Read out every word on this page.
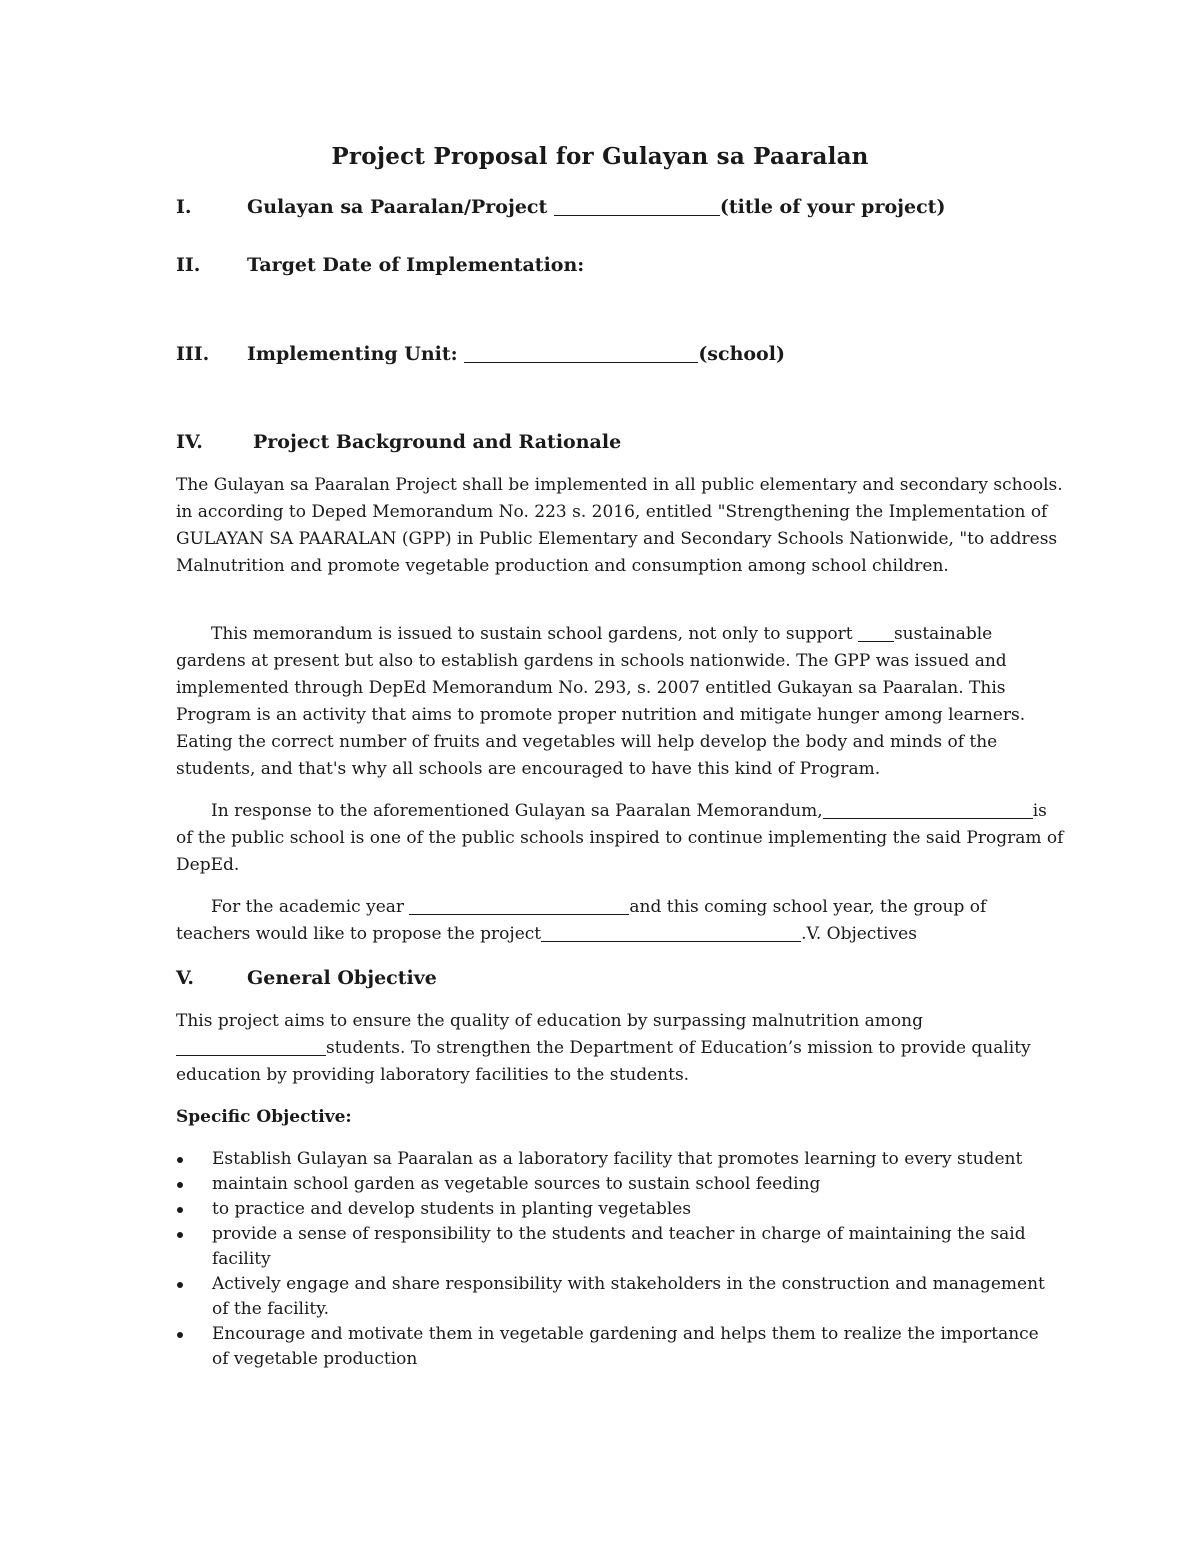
Project Proposal for Gulayan sa Paaralan
I.	Gulayan sa Paaralan/Project	(title of your project)
II. Target Date of Implementation:
III. Implementing Unit:	(school)
IV.	Project Background and Rationale

The Gulayan sa Paaralan Project shall be implemented in all public elementary and secondary schools. in according to Deped Memorandum No. 223 s. 2016, entitled "Strengthening the Implementation of GULAYAN SA PAARALAN (GPP) in Public Elementary and Secondary Schools Nationwide, "to address Malnutrition and promote vegetable production and consumption among school children.

This memorandum is issued to sustain school gardens, not only to support sustainable gardens at present but also to establish gardens in schools nationwide. The GPP was issued and implemented through DepEd Memorandum No. 293, s. 2007 entitled Gukayan sa Paaralan. This Program is an activity that aims to promote proper nutrition and mitigate hunger among learners. Eating the correct number of fruits and vegetables will help develop the body and minds of the students, and that's why all schools are encouraged to have this kind of Program.

In response to the aforementioned Gulayan sa Paaralan Memorandum,	is of the public school is one of the public schools inspired to continue implementing the said Program of DepEd.

For the academic year	and this coming school year, the group of teachers would like to propose the project	.V. Objectives

V.	General Objective

This project aims to ensure the quality of education by surpassing malnutrition among students. To strengthen the Department of Education’s mission to provide quality education by providing laboratory facilities to the students.

Specific Objective:
Establish Gulayan sa Paaralan as a laboratory facility that promotes learning to every student
maintain school garden as vegetable sources to sustain school feeding
to practice and develop students in planting vegetables
provide a sense of responsibility to the students and teacher in charge of maintaining the said facility
Actively engage and share responsibility with stakeholders in the construction and management of the facility.
Encourage and motivate them in vegetable gardening and helps them to realize the importance of vegetable production
